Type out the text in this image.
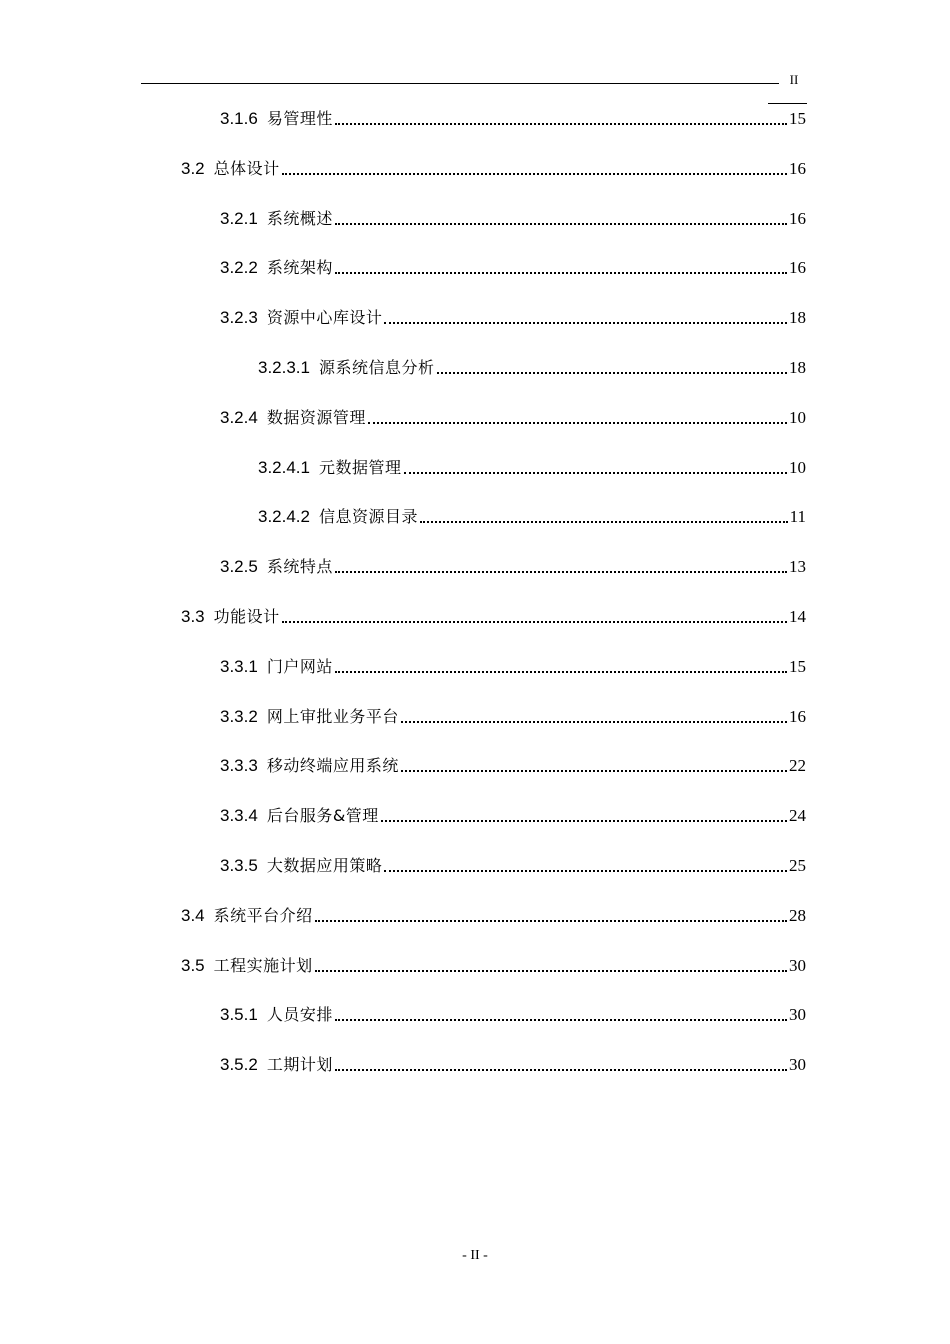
II
3.1.6 易管理性	15
3.2 总体设计	16
3.2.1 系统概述	16
3.2.2 系统架构	16
3.2.3 资源中心库设计	18
3.2.3.1 源系统信息分析	18
3.2.4 数据资源管理	10
3.2.4.1 元数据管理	10
3.2.4.2 信息资源目录	11
3.2.5 系统特点	13
3.3 功能设计	14
3.3.1 门户网站	15
3.3.2 网上审批业务平台	16
3.3.3 移动终端应用系统	22
3.3.4 后台服务&管理	24
3.3.5 大数据应用策略	25
3.4 系统平台介绍	28
3.5 工程实施计划	30
3.5.1 人员安排	30
3.5.2 工期计划	30
- II -
